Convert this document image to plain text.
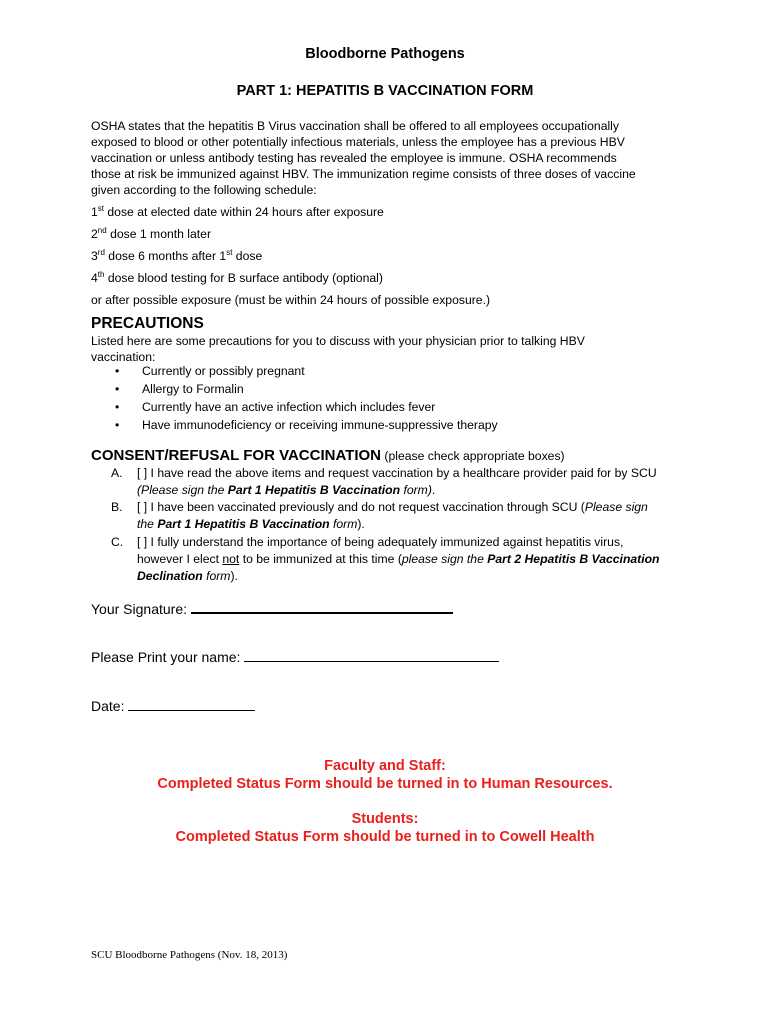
Bloodborne Pathogens
PART 1: HEPATITIS B VACCINATION FORM
OSHA states that the hepatitis B Virus vaccination shall be offered to all employees occupationally
exposed to blood or other potentially infectious materials, unless the employee has a previous HBV
vaccination or unless antibody testing has revealed the employee is immune. OSHA recommends
those at risk be immunized against HBV. The immunization regime consists of three doses of vaccine
given according to the following schedule:
1st dose at elected date within 24 hours after exposure
2nd dose 1 month later
3rd dose 6 months after 1st dose
4th dose blood testing for B surface antibody (optional)
or after possible exposure (must be within 24 hours of possible exposure.)
PRECAUTIONS
Listed here are some precautions for you to discuss with your physician prior to talking HBV
vaccination:
• Currently or possibly pregnant
• Allergy to Formalin
• Currently have an active infection which includes fever
• Have immunodeficiency or receiving immune-suppressive therapy
CONSENT/REFUSAL FOR VACCINATION (please check appropriate boxes)
A. [ ] I have read the above items and request vaccination by a healthcare provider paid for by SCU
(Please sign the Part 1 Hepatitis B Vaccination form).
B. [ ] I have been vaccinated previously and do not request vaccination through SCU (Please sign
the Part 1 Hepatitis B Vaccination form).
C. [ ] I fully understand the importance of being adequately immunized against hepatitis virus,
however I elect not to be immunized at this time (please sign the Part 2 Hepatitis B Vaccination
Declination form).
Your Signature:
Please Print your name:
Date:
Faculty and Staff:
Completed Status Form should be turned in to Human Resources.
Students:
Completed Status Form should be turned in to Cowell Health
SCU Bloodborne Pathogens (Nov. 18, 2013)
